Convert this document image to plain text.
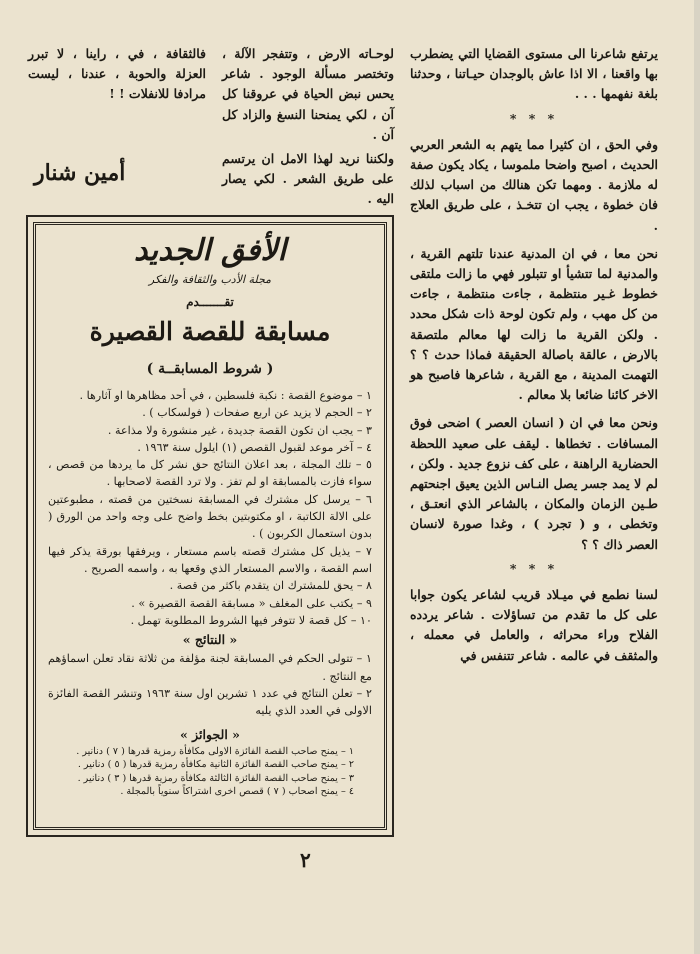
يرتفع شاعرنا الى مستوى القضايا التي يضطرب بها واقعنا ، الا اذا عاش بالوجدان حيـاتنا ، وحدثنا بلغة نفهمها . . .

* * *

وفي الحق ، ان كثيرا مما يتهم به الشعر العربي الحديث ، اصبح واضحا ملموسا ، يكاد يكون صفة له ملازمة . ومهما تكن هنالك من اسباب لذلك فان خطوة ، يجب ان تتخـذ ، على طريق العلاج .

نحن معا ، في ان المدنية عندنا تلتهم القرية ، والمدنية لما تتشيأ او تتبلور فهي ما زالت ملتقى خطوط غـير منتظمة ، جاءت منتظمة ، جاءت من كل مهب ، ولم تكون لوحة ذات شكل محدد . ولكن القرية ما زالت لها معالم ملتصقة بالارض ، عالقة باصالة الحقيقة فماذا حدث ؟ ؟ التهمت المدينة ، مع القرية ، شاعرها فاصبح هو الاخر كائنا ضائعا بلا معالم .

ونحن معا في ان ( انسان العصر ) اضحى فوق المسافات . تخطاها . ليقف على صعيد اللحظة الحضارية الراهنة ، على كف نزوع جديد . ولكن ، لم لا يمد جسر يصل النـاس الذين يعيق اجنحتهم طـين الزمان والمكان ، بالشاعر الذي انعتـق ، وتخطى ، و ( تجرد ) ، وغدا صورة لانسان العصر ذاك ؟ ؟

* * *

لسنا نطمع في ميـلاد قريب لشاعر يكون جوابا على كل ما تقدم من تساؤلات . شاعر يردده الفلاح وراء محراثه ، والعامل في معمله ، والمثقف في عالمه . شاعر تتنفس في

لوحـاته الارض ، وتتفجر الآلة ، وتختصر مسألة الوجود . شاعر يحس نبض الحياة في عروقنا كل آن ، لكي يمنحنا النسغ والزاد كل آن .

ولكننا نريد لهذا الامل ان يرتسم على طريق الشعر . لكي يصار اليه .

فالثقافة ، في ، راينا ، لا تبرر العزلة والحوبة ، عندنا ، ليست مرادفا للانفلات ! !

أمين شنار
الأفق الجديد
مجلة الأدب والثقافة والفكر
تقـــــــدم
مسابقة للقصة القصيرة
( شروط المسابقــة )

١ – موضوع القصة : نكبة فلسطين ، في أحد مظاهرها او آثارها .

٢ – الحجم لا يزيد عن اربع صفحات ( فولسكاب ) .

٣ – يجب ان تكون القصة جديدة ، غير منشورة ولا مذاعة .

٤ – آخر موعد لقبول القصص (١) ايلول سنة ١٩٦٣ .

٥ – تلك المجلة ، بعد اعلان النتائج حق نشر كل ما يردها من قصص ، سواء فازت بالمسابقة او لم تفز . ولا ترد القصة لاصحابها .

٦ – يرسل كل مشترك في المسابقة نسختين من قصته ، مطبوعتين على الالة الكاتبة ، او مكتوبتين بخط واضح على وجه واحد من الورق ( بدون استعمال الكربون ) .

٧ – يذيل كل مشترك قصته باسم مستعار ، ويرفقها بورقة يذكر فيها اسم القصة ، والاسم المستعار الذي وقعها به ، واسمه الصريح .

٨ – يحق للمشترك ان يتقدم باكثر من قصة .

٩ – يكتب على المغلف « مسابقة القصة القصيرة » .

١٠ – كل قصة لا تتوفر فيها الشروط المطلوبة تهمل .

« النتائج »

١ – تتولى الحكم في المسابقة لجنة مؤلفة من ثلاثة نقاد تعلن اسماؤهم مع النتائج .

٢ – تعلن النتائج في عدد ١ تشرين اول سنة ١٩٦٣ وتنشر القصة الفائزة الاولى في العدد الذي يليه

« الجوائز »

١ – يمنح صاحب القصة الفائزة الاولى مكافأة رمزية قدرها ( ٧ ) دنانير .

٢ – يمنح صاحب القصة الفائزة الثانية مكافأة رمزية قدرها ( ٥ ) دنانير .

٣ – يمنح صاحب القصة الفائزة الثالثة مكافأة رمزية قدرها ( ٣ ) دنانير .

٤ – يمنح اصحاب ( ٧ ) قصص اخرى اشتراكاً سنوياً بالمجلة .

٢
